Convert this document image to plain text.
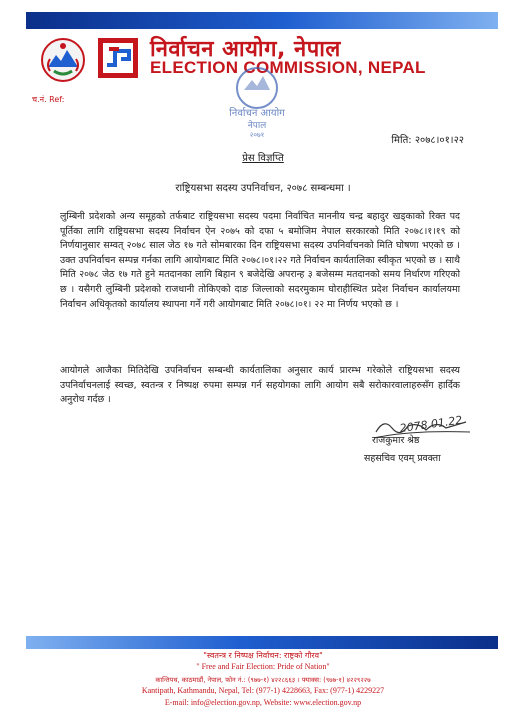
निर्वाचन आयोग, नेपाल
ELECTION COMMISSION, NEPAL
निर्वाचन आयोग
नेपाल
२०७१
च.नं. Ref:
मिति: २०७८।०१।२२
प्रेस विज्ञप्ति
राष्ट्रियसभा सदस्य उपनिर्वाचन, २०७८ सम्बन्धमा ।
लुम्बिनी प्रदेशको अन्य समूहको तर्फबाट राष्ट्रियसभा सदस्य पदमा निर्वाचित माननीय चन्द्र बहादुर खड्काको रिक्त पद पूर्तिका लागि राष्ट्रियसभा सदस्य निर्वाचन ऐन २०७५ को दफा ५ बमोजिम नेपाल सरकारको मिति २०७८।१।१९ को निर्णयानुसार सम्वत् २०७८ साल जेठ १७ गते सोमबारका दिन राष्ट्रियसभा सदस्य उपनिर्वाचनको मिति घोषणा भएको छ । उक्त उपनिर्वाचन सम्पन्न गर्नका लागि आयोगबाट मिति २०७८।०१।२२ गते निर्वाचन कार्यतालिका स्वीकृत भएको छ । साथै मिति २०७८ जेठ १७ गते हुने मतदानका लागि बिहान ९ बजेदेखि अपरान्ह ३ बजेसम्म मतदानको समय निर्धारण गरिएको छ । यसैगरी लुम्बिनी प्रदेशको राजधानी तोकिएको दाङ जिल्लाको सदरमुकाम घोराहीस्थित प्रदेश निर्वाचन कार्यालयमा निर्वाचन अधिकृतको कार्यालय स्थापना गर्ने गरी आयोगबाट मिति २०७८।०१। २२ मा निर्णय भएको छ ।
आयोगले आजैका मितिदेखि उपनिर्वाचन सम्बन्धी कार्यतालिका अनुसार कार्य प्रारम्भ गरेकोले राष्ट्रियसभा सदस्य उपनिर्वाचनलाई स्वच्छ, स्वतन्त्र र निष्पक्ष रुपमा सम्पन्न गर्न सहयोगका लागि आयोग सबै सरोकारवालाहरुसँग हार्दिक अनुरोध गर्दछ ।
2078.01.22
राजकुमार श्रेष्ठ
सहसचिव एवम् प्रवक्ता
"स्वतन्त्र र निष्पक्ष निर्वाचन: राष्ट्रको गौरव"
" Free and Fair Election: Pride of Nation"
कान्तिपथ, काठमाडौं, नेपाल, फोन नं.: (९७७-१) ४२२८६६३ । फ्याक्स: (९७७-१) ४२२९२२७
Kantipath, Kathmandu, Nepal, Tel: (977-1) 4228663, Fax: (977-1) 4229227
E-mail: info@election.gov.np, Website: www.election.gov.np
